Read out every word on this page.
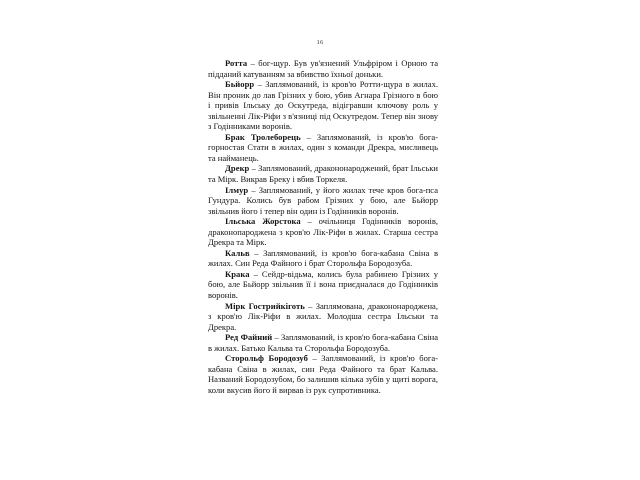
16

Ротта – бог-щур. Був ув'язнений Ульфріром і Орною та підданий катуванням за вбивство їхньої доньки.

Бьйорр – Заплямований, із кров'ю Ротти-щура в жилах. Він проник до лав Грізних у бою, убив Агнара Грізного в бою і привів Ільську до Оскутреда, відігравши ключову роль у звільненні Лік-Ріфи з в'язниці під Оскутредом. Тепер він знову з Годінниками воронів.

Брак Тролеборець – Заплямований, із кров'ю бога-горностая Стати в жилах, один з команди Дрекра, мисливець та найманець.

Дрекр – Заплямований, дракононароджений, брат Ільськи та Мірк. Викрав Бреку і вбив Торкеля.

Ілмур – Заплямований, у його жилах тече кров бога-пса Гундура. Колись був рабом Грізних у бою, але Бьйорр звільнив його і тепер він один із Годінників воронів.

Ільська Жорстока – очільниця Годінників воронів, драконопароджена з кров'ю Лік-Ріфи в жилах. Старша сестра Дрекра та Мірк.

Кальв – Заплямований, із кров'ю бога-кабана Свіна в жилах. Син Реда Файного і брат Сторольфа Бородозуба.

Крака – Сейдр-відьма, колись була рабинею Грізних у бою, але Бьйорр звільнив її і вона приєдналася до Годінників воронів.

Мірк Гострийкіготь – Заплямована, дракононароджена, з кров'ю Лік-Ріфи в жилах. Молодша сестра Ільськи та Дрекра.

Ред Файний – Заплямований, із кров'ю бога-кабана Свіна в жилах. Батько Кальва та Сторольфа Бородозуба.

Сторольф Бородозуб – Заплямований, із кров'ю бога-кабана Свіна в жилах, син Реда Файного та брат Кальва. Названий Бородозубом, бо залишив кілька зубів у щиті ворога, коли вкусив його й вирвав із рук супротивника.
